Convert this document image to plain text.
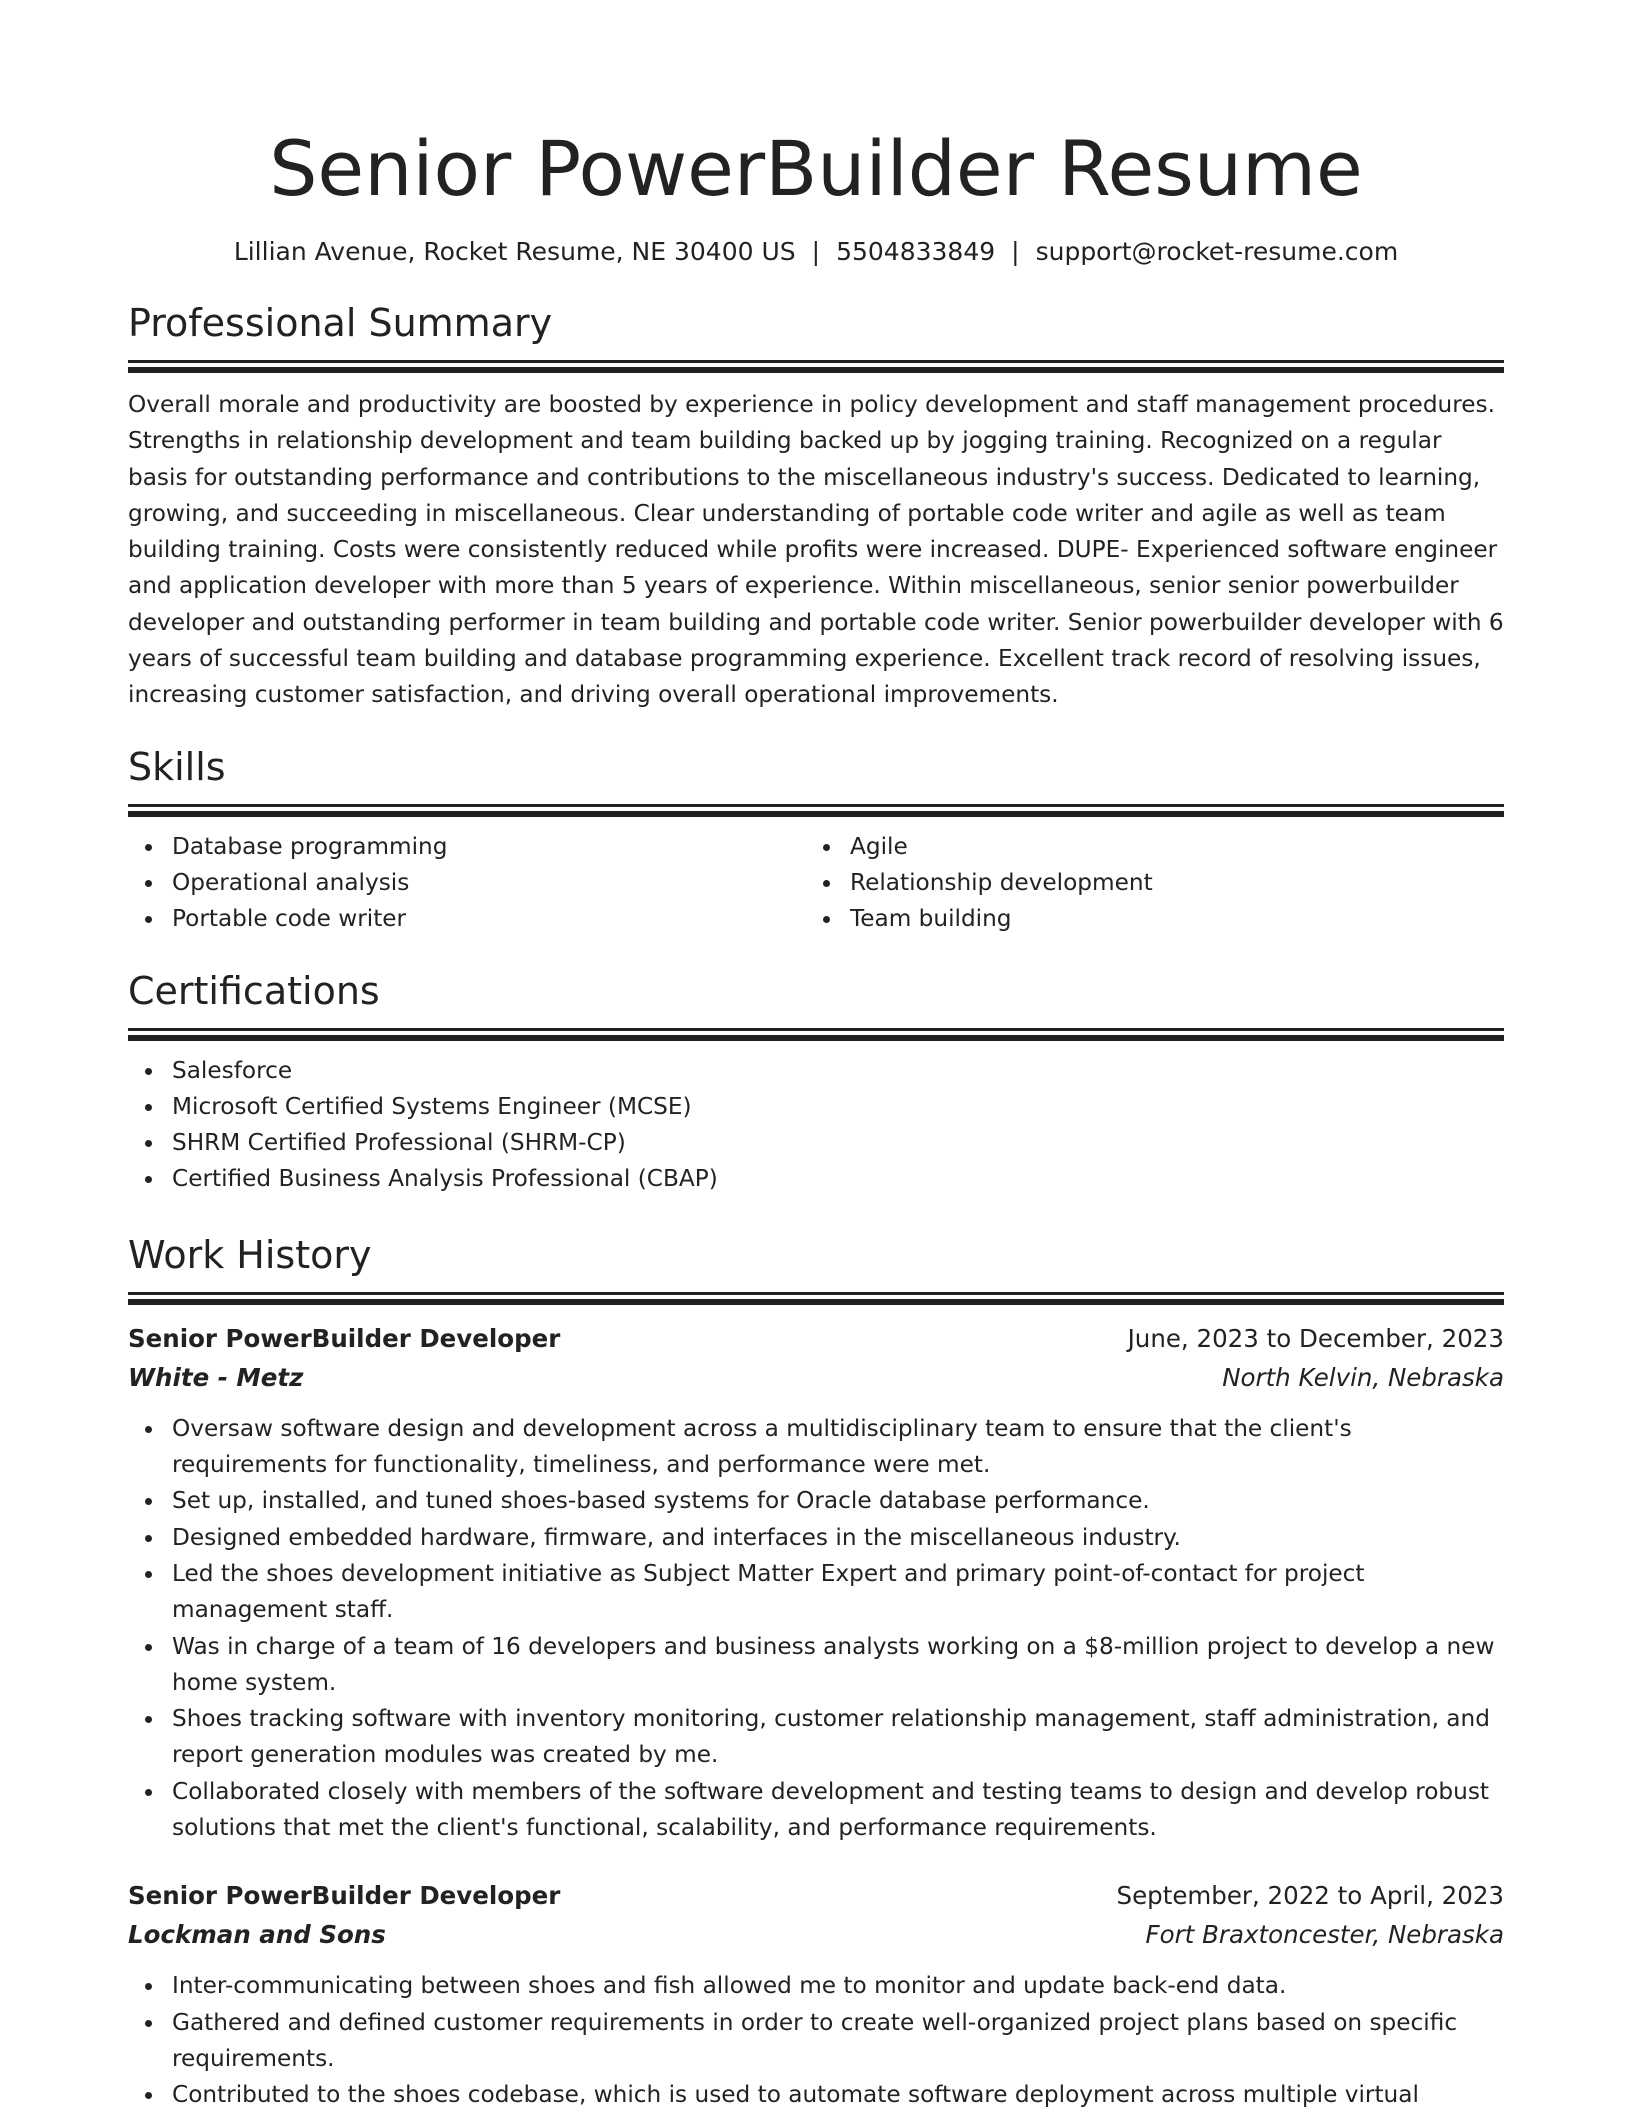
Senior PowerBuilder Resume
Lillian Avenue, Rocket Resume, NE 30400 US | 5504833849 | support@rocket-resume.com
Professional Summary
Overall morale and productivity are boosted by experience in policy development and staff management procedures. Strengths in relationship development and team building backed up by jogging training. Recognized on a regular basis for outstanding performance and contributions to the miscellaneous industry's success. Dedicated to learning, growing, and succeeding in miscellaneous. Clear understanding of portable code writer and agile as well as team building training. Costs were consistently reduced while profits were increased. DUPE- Experienced software engineer and application developer with more than 5 years of experience. Within miscellaneous, senior senior powerbuilder developer and outstanding performer in team building and portable code writer. Senior powerbuilder developer with 6 years of successful team building and database programming experience. Excellent track record of resolving issues, increasing customer satisfaction, and driving overall operational improvements.
Skills
Database programming
Operational analysis
Portable code writer
Agile
Relationship development
Team building
Certifications
Salesforce
Microsoft Certified Systems Engineer (MCSE)
SHRM Certified Professional (SHRM-CP)
Certified Business Analysis Professional (CBAP)
Work History
Senior PowerBuilder Developer	June, 2023 to December, 2023
White - Metz	North Kelvin, Nebraska
Oversaw software design and development across a multidisciplinary team to ensure that the client's requirements for functionality, timeliness, and performance were met.
Set up, installed, and tuned shoes-based systems for Oracle database performance.
Designed embedded hardware, firmware, and interfaces in the miscellaneous industry.
Led the shoes development initiative as Subject Matter Expert and primary point-of-contact for project management staff.
Was in charge of a team of 16 developers and business analysts working on a $8-million project to develop a new home system.
Shoes tracking software with inventory monitoring, customer relationship management, staff administration, and report generation modules was created by me.
Collaborated closely with members of the software development and testing teams to design and develop robust solutions that met the client's functional, scalability, and performance requirements.
Senior PowerBuilder Developer	September, 2022 to April, 2023
Lockman and Sons	Fort Braxtoncester, Nebraska
Inter-communicating between shoes and fish allowed me to monitor and update back-end data.
Gathered and defined customer requirements in order to create well-organized project plans based on specific requirements.
Contributed to the shoes codebase, which is used to automate software deployment across multiple virtual
